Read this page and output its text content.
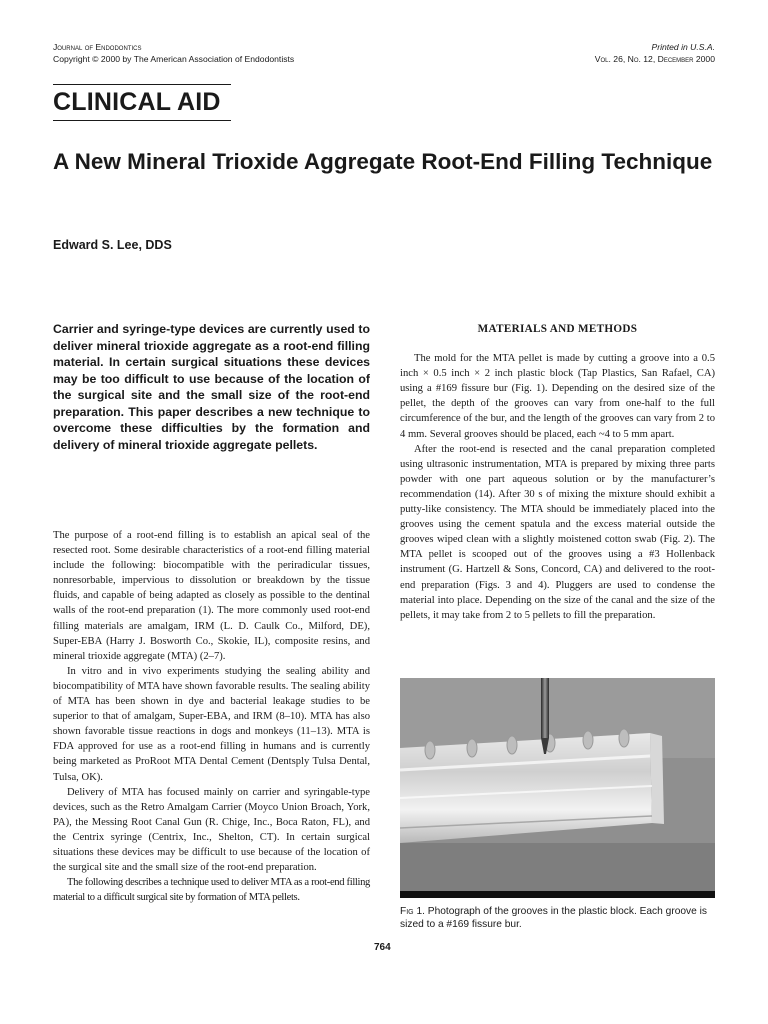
Journal of Endodontics
Copyright © 2000 by The American Association of Endodontists
Printed in U.S.A.
Vol. 26, No. 12, December 2000
CLINICAL AID
A New Mineral Trioxide Aggregate Root-End Filling Technique
Edward S. Lee, DDS
Carrier and syringe-type devices are currently used to deliver mineral trioxide aggregate as a root-end filling material. In certain surgical situations these devices may be too difficult to use because of the location of the surgical site and the small size of the root-end preparation. This paper describes a new technique to overcome these difficulties by the formation and delivery of mineral trioxide aggregate pellets.

The purpose of a root-end filling is to establish an apical seal of the resected root. Some desirable characteristics of a root-end filling material include the following: biocompatible with the periradicular tissues, nonresorbable, impervious to dissolution or breakdown by the tissue fluids, and capable of being adapted as closely as possible to the dentinal walls of the root-end preparation (1). The more commonly used root-end filling materials are amalgam, IRM (L. D. Caulk Co., Milford, DE), Super-EBA (Harry J. Bosworth Co., Skokie, IL), composite resins, and mineral trioxide aggregate (MTA) (2–7).

In vitro and in vivo experiments studying the sealing ability and biocompatibility of MTA have shown favorable results. The sealing ability of MTA has been shown in dye and bacterial leakage studies to be superior to that of amalgam, Super-EBA, and IRM (8–10). MTA has also shown favorable tissue reactions in dogs and monkeys (11–13). MTA is FDA approved for use as a root-end filling in humans and is currently being marketed as ProRoot MTA Dental Cement (Dentsply Tulsa Dental, Tulsa, OK).

Delivery of MTA has focused mainly on carrier and syringable-type devices, such as the Retro Amalgam Carrier (Moyco Union Broach, York, PA), the Messing Root Canal Gun (R. Chige, Inc., Boca Raton, FL), and the Centrix syringe (Centrix, Inc., Shelton, CT). In certain surgical situations these devices may be difficult to use because of the location of the surgical site and the small size of the root-end preparation.

The following describes a technique used to deliver MTA as a root-end filling material to a difficult surgical site by formation of MTA pellets.

MATERIALS AND METHODS

The mold for the MTA pellet is made by cutting a groove into a 0.5 inch × 0.5 inch × 2 inch plastic block (Tap Plastics, San Rafael, CA) using a #169 fissure bur (Fig. 1). Depending on the desired size of the pellet, the depth of the grooves can vary from one-half to the full circumference of the bur, and the length of the grooves can vary from 2 to 4 mm. Several grooves should be placed, each ~4 to 5 mm apart.

After the root-end is resected and the canal preparation completed using ultrasonic instrumentation, MTA is prepared by mixing three parts powder with one part aqueous solution or by the manufacturer’s recommendation (14). After 30 s of mixing the mixture should exhibit a putty-like consistency. The MTA should be immediately placed into the grooves using the cement spatula and the excess material outside the grooves wiped clean with a slightly moistened cotton swab (Fig. 2). The MTA pellet is scooped out of the grooves using a #3 Hollenback instrument (G. Hartzell & Sons, Concord, CA) and delivered to the root-end preparation (Figs. 3 and 4). Pluggers are used to condense the material into place. Depending on the size of the canal and the size of the pellets, it may take from 2 to 5 pellets to fill the preparation.

Fig 1. Photograph of the grooves in the plastic block. Each groove is sized to a #169 fissure bur.
764
